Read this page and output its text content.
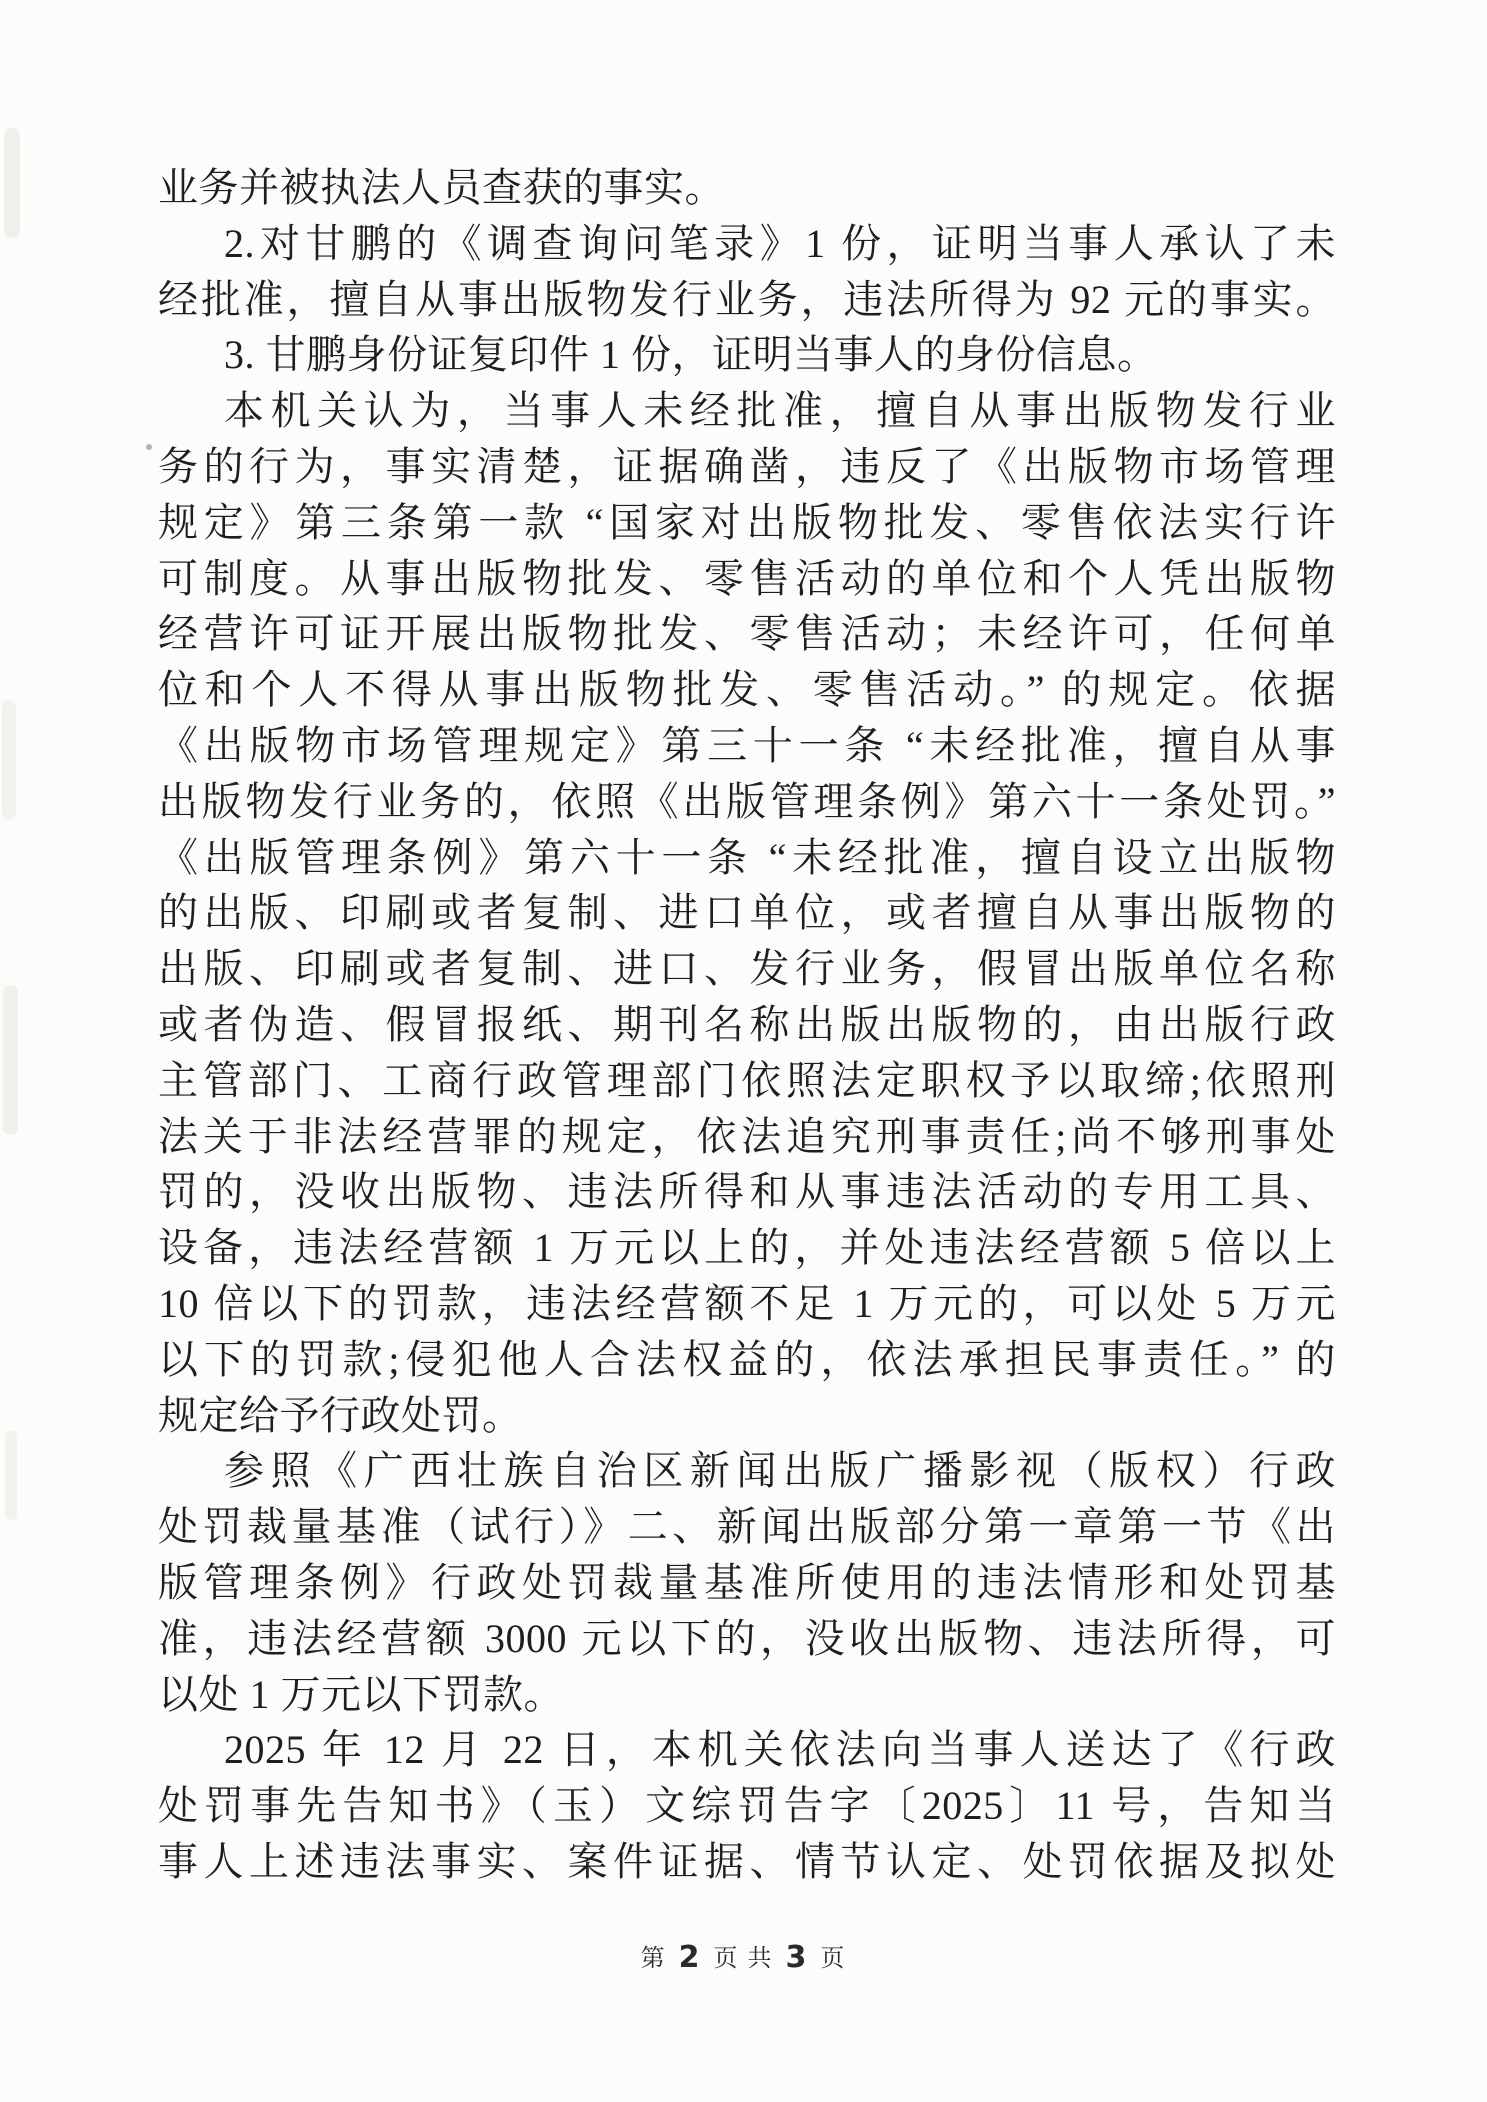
业务并被执法人员查获的事实。

2.对甘鹏的《调查询问笔录》1 份，证明当事人承认了未

经批准，擅自从事出版物发行业务，违法所得为 92 元的事实。

3. 甘鹏身份证复印件 1 份，证明当事人的身份信息。

本机关认为，当事人未经批准，擅自从事出版物发行业

务的行为，事实清楚，证据确凿，违反了《出版物市场管理

规定》第三条第一款 “国家对出版物批发、零售依法实行许

可制度。从事出版物批发、零售活动的单位和个人凭出版物

经营许可证开展出版物批发、零售活动；未经许可，任何单

位和个人不得从事出版物批发、零售活动。” 的规定。依据

《出版物市场管理规定》第三十一条 “未经批准，擅自从事

出版物发行业务的，依照《出版管理条例》第六十一条处罚。”

《出版管理条例》第六十一条 “未经批准，擅自设立出版物

的出版、印刷或者复制、进口单位，或者擅自从事出版物的

出版、印刷或者复制、进口、发行业务，假冒出版单位名称

或者伪造、假冒报纸、期刊名称出版出版物的，由出版行政

主管部门、工商行政管理部门依照法定职权予以取缔;依照刑

法关于非法经营罪的规定，依法追究刑事责任;尚不够刑事处

罚的，没收出版物、违法所得和从事违法活动的专用工具、

设备，违法经营额 1 万元以上的，并处违法经营额 5 倍以上

10 倍以下的罚款，违法经营额不足 1 万元的，可以处 5 万元

以下的罚款;侵犯他人合法权益的，依法承担民事责任。” 的

规定给予行政处罚。

参照《广西壮族自治区新闻出版广播影视（版权）行政

处罚裁量基准（试行）》二、新闻出版部分第一章第一节《出

版管理条例》行政处罚裁量基准所使用的违法情形和处罚基

准，违法经营额 3000 元以下的，没收出版物、违法所得，可

以处 1 万元以下罚款。

2025 年 12 月 22 日，本机关依法向当事人送达了《行政

处罚事先告知书》（玉）文综罚告字〔2025〕11 号，告知当

事人上述违法事实、案件证据、情节认定、处罚依据及拟处

第 2 页 共 3 页
